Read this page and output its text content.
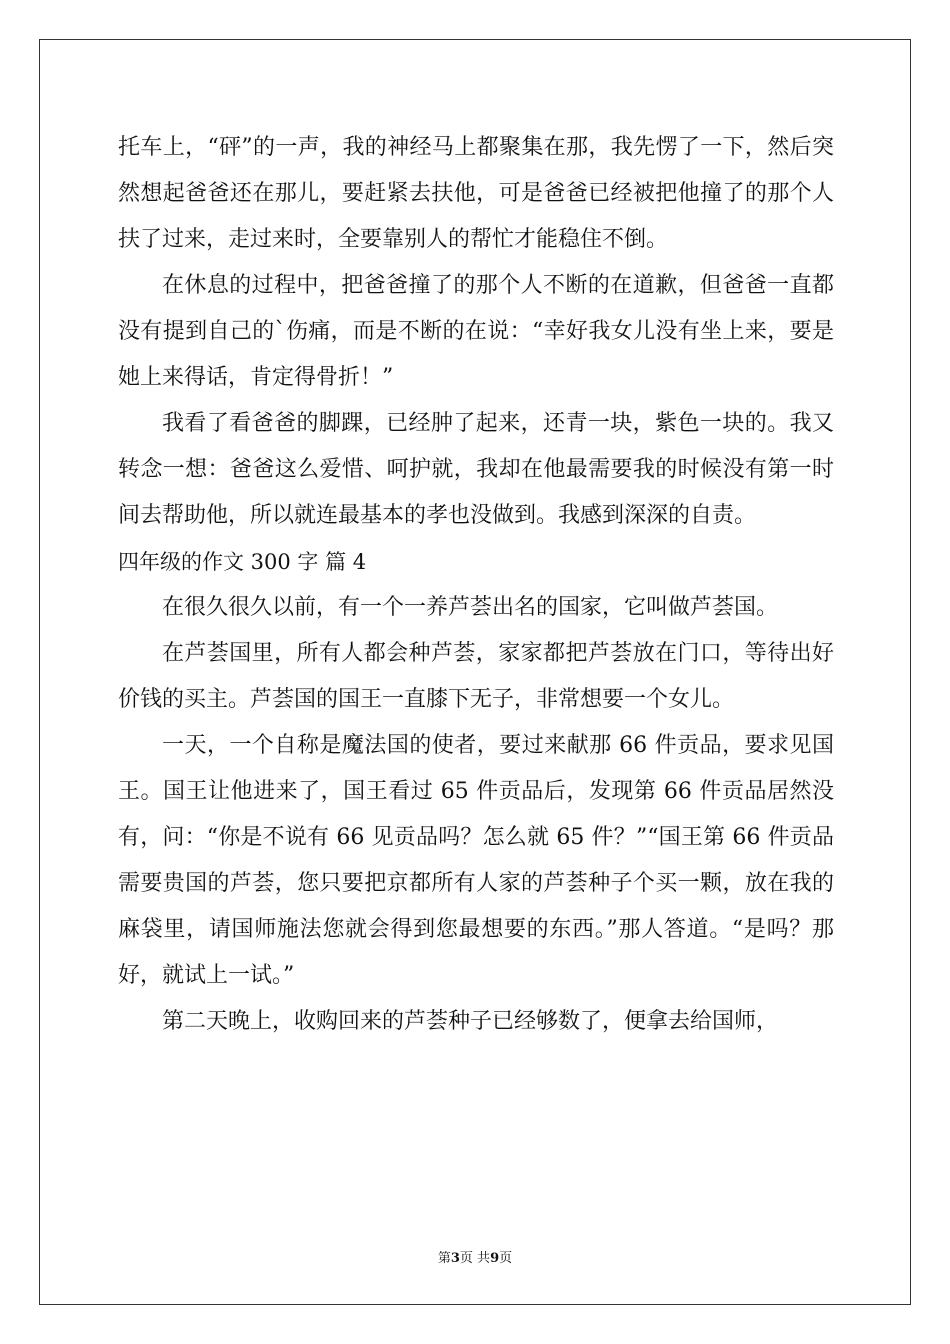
托车上，“砰”的一声，我的神经马上都聚集在那，我先愣了一下，然后突然想起爸爸还在那儿，要赶紧去扶他，可是爸爸已经被把他撞了的那个人扶了过来，走过来时，全要靠别人的帮忙才能稳住不倒。

在休息的过程中，把爸爸撞了的那个人不断的在道歉，但爸爸一直都没有提到自己的`伤痛，而是不断的在说：“幸好我女儿没有坐上来，要是她上来得话，肯定得骨折！”

我看了看爸爸的脚踝，已经肿了起来，还青一块，紫色一块的。我又转念一想：爸爸这么爱惜、呵护就，我却在他最需要我的时候没有第一时间去帮助他，所以就连最基本的孝也没做到。我感到深深的自责。

四年级的作文 300 字 篇 4

在很久很久以前，有一个一养芦荟出名的国家，它叫做芦荟国。

在芦荟国里，所有人都会种芦荟，家家都把芦荟放在门口，等待出好价钱的买主。芦荟国的国王一直膝下无子，非常想要一个女儿。

一天，一个自称是魔法国的使者，要过来献那 66 件贡品，要求见国王。国王让他进来了，国王看过 65 件贡品后，发现第 66 件贡品居然没有，问：“你是不说有 66 见贡品吗？怎么就 65 件？”“国王第 66 件贡品需要贵国的芦荟，您只要把京都所有人家的芦荟种子个买一颗，放在我的麻袋里，请国师施法您就会得到您最想要的东西。”那人答道。“是吗？那好，就试上一试。”

第二天晚上，收购回来的芦荟种子已经够数了，便拿去给国师，

第3页 共9页
